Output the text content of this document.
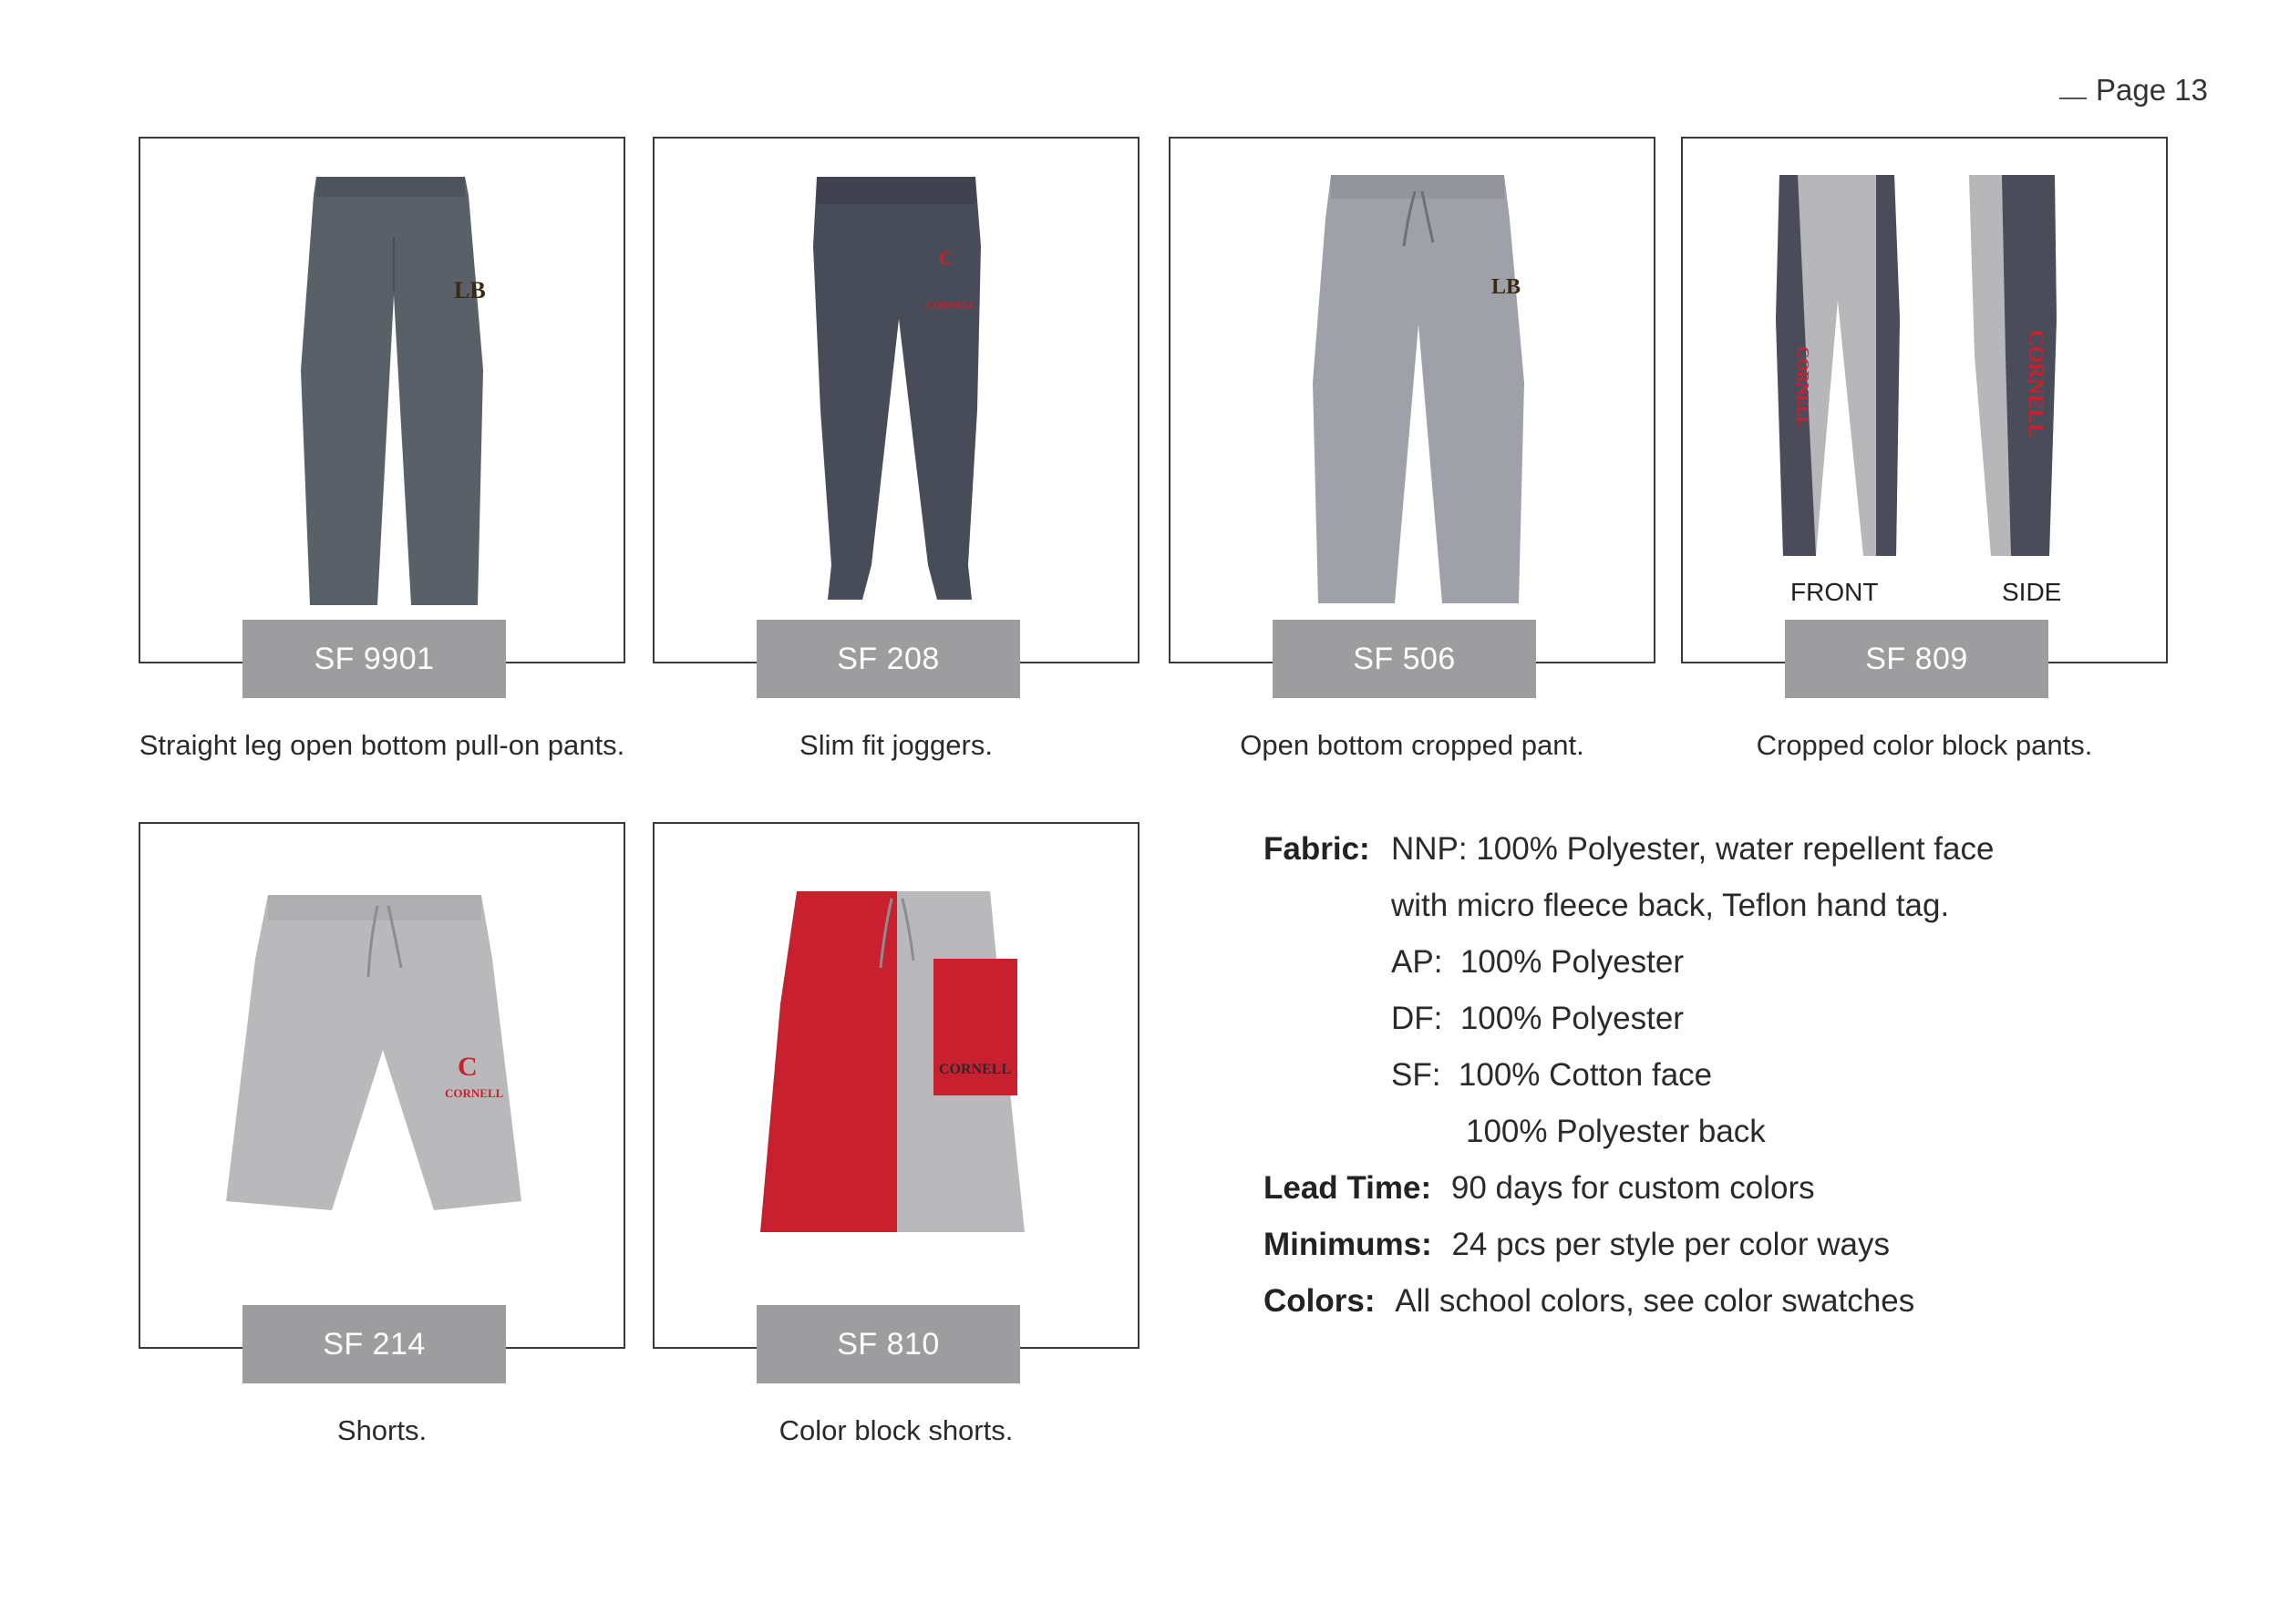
Page 13
LB
SF 9901
Straight leg open bottom pull-on pants.
C
CORNELL
SF 208
Slim fit joggers.
LB
SF 506
Open bottom cropped pant.
CORNELL	CORNELL
FRONT	SIDE
SF 809
Cropped color block pants.
C
CORNELL
SF 214
Shorts.
CORNELL
SF 810
Color block shorts.
Fabric: NNP: 100% Polyester, water repellent face
with micro fleece back, Teflon hand tag.
AP:  100% Polyester
DF:  100% Polyester
SF:  100% Cotton face
100% Polyester back
Lead Time: 90 days for custom colors
Minimums: 24 pcs per style per color ways
Colors: All school colors, see color swatches
